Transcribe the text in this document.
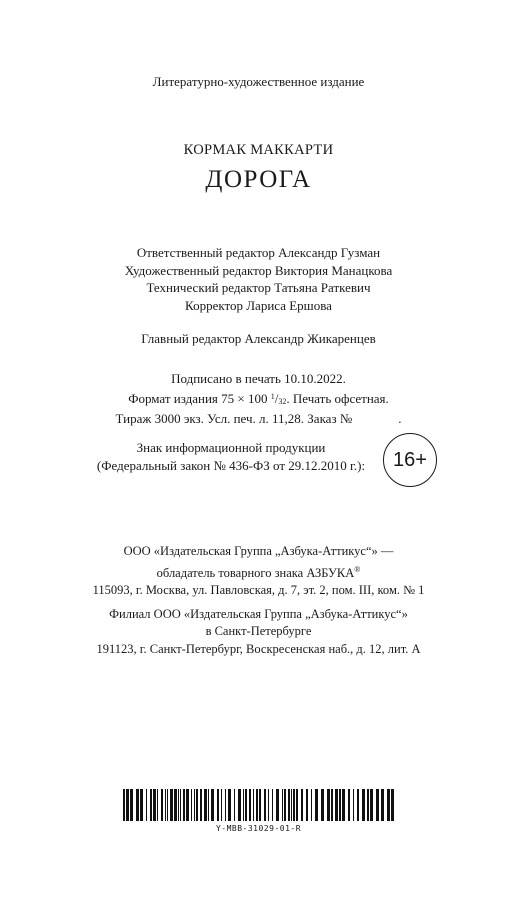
Литературно-художественное издание
КОРМАК МАККАРТИ
ДОРОГА
Ответственный редактор Александр Гузман
Художественный редактор Виктория Манацкова
Технический редактор Татьяна Раткевич
Корректор Лариса Ершова
Главный редактор Александр Жикаренцев
Подписано в печать 10.10.2022.
Формат издания 75 × 100 $^1/_{32}$. Печать офсетная.
Тираж 3000 экз. Усл. печ. л. 11,28. Заказ №	.
Знак информационной продукции
(Федеральный закон № 436-ФЗ от 29.12.2010 г.):	16+
ООО «Издательская Группа „Азбука-Аттикус“» —
обладатель товарного знака АЗБУКА®
115093, г. Москва, ул. Павловская, д. 7, эт. 2, пом. III, ком. № 1
Филиал ООО «Издательская Группа „Азбука-Аттикус“»
в Санкт-Петербурге
191123, г. Санкт-Петербург, Воскресенская наб., д. 12, лит. А
Y-MBB-31029-01-R
